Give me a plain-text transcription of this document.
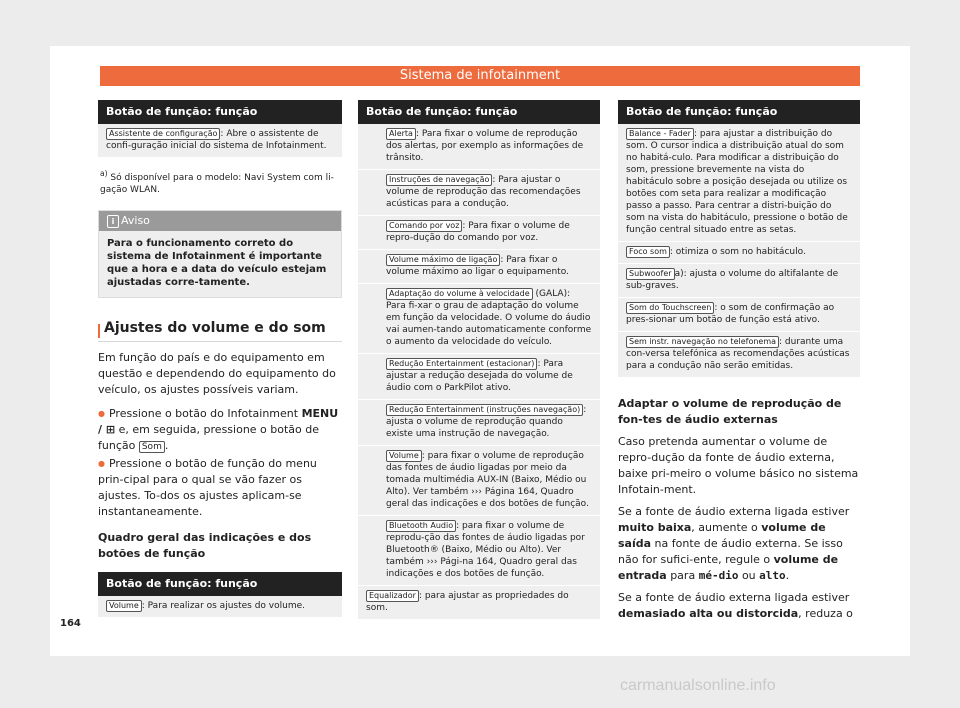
Sistema de infotainment
Botão de função: função
Assistente de configuração : Abre o assistente de confi-guração inicial do sistema de Infotainment.
$^{a)}$ Só disponível para o modelo: Navi System com li-gação WLAN.
i Aviso
Para o funcionamento correto do sistema de Infotainment é importante que a hora e a data do veículo estejam ajustadas corre-tamente.
Ajustes do volume e do som
Em função do país e do equipamento em questão e dependendo do equipamento do veículo, os ajustes possíveis variam.
● Pressione o botão do Infotainment MENU / ⊞ e, em seguida, pressione o botão de função Som .
● Pressione o botão de função do menu prin-cipal para o qual se vão fazer os ajustes. To-dos os ajustes aplicam-se instantaneamente.
Quadro geral das indicações e dos botões de função
Botão de função: função
Volume : Para realizar os ajustes do volume.
Botão de função: função
Alerta : Para fixar o volume de reprodução dos alertas, por exemplo as informações de trânsito.
Instruções de navegação : Para ajustar o volume de reprodução das recomendações acústicas para a condução.
Comando por voz : Para fixar o volume de repro-dução do comando por voz.
Volume máximo de ligação : Para fixar o volume máximo ao ligar o equipamento.
Adaptação do volume à velocidade (GALA): Para fi-xar o grau de adaptação do volume em função da velocidade. O volume do áudio vai aumen-tando automaticamente conforme o aumento da velocidade do veículo.
Redução Entertainment (estacionar) : Para ajustar a redução desejada do volume de áudio com o ParkPilot ativo.
Redução Entertainment (instruções navegação) : ajusta o volume de reprodução quando existe uma instrução de navegação.
Volume : para fixar o volume de reprodução das fontes de áudio ligadas por meio da tomada multimédia AUX-IN (Baixo, Médio ou Alto). Ver também ››› Página 164, Quadro geral das indicações e dos botões de função.
Bluetooth Audio : para fixar o volume de reprodu-ção das fontes de áudio ligadas por Bluetooth® (Baixo, Médio ou Alto). Ver também ››› Pági-na 164, Quadro geral das indicações e dos botões de função.
Equalizador : para ajustar as propriedades do som.
Botão de função: função
Balance - Fader : para ajustar a distribuição do som. O cursor indica a distribuição atual do som no habitá-culo. Para modificar a distribuição do som, pressione brevemente na vista do habitáculo sobre a posição desejada ou utilize os botões com seta para realizar a modificação passo a passo. Para centrar a distri-buição do som na vista do habitáculo, pressione o botão de função central situado entre as setas.
Foco som : otimiza o som no habitáculo.
Subwoofer a): ajusta o volume do altifalante de sub-graves.
Som do Touchscreen : o som de confirmação ao pres-sionar um botão de função está ativo.
Sem instr. navegação no telefonema : durante uma con-versa telefónica as recomendações acústicas para a condução não serão emitidas.
Adaptar o volume de reprodução de fon-tes de áudio externas
Caso pretenda aumentar o volume de repro-dução da fonte de áudio externa, baixe pri-meiro o volume básico no sistema Infotain-ment.
Se a fonte de áudio externa ligada estiver muito baixa, aumente o volume de saída na fonte de áudio externa. Se isso não for sufici-ente, regule o volume de entrada para mé-dio ou alto.
Se a fonte de áudio externa ligada estiver demasiado alta ou distorcida, reduza o
164
carmanualsonline.info
